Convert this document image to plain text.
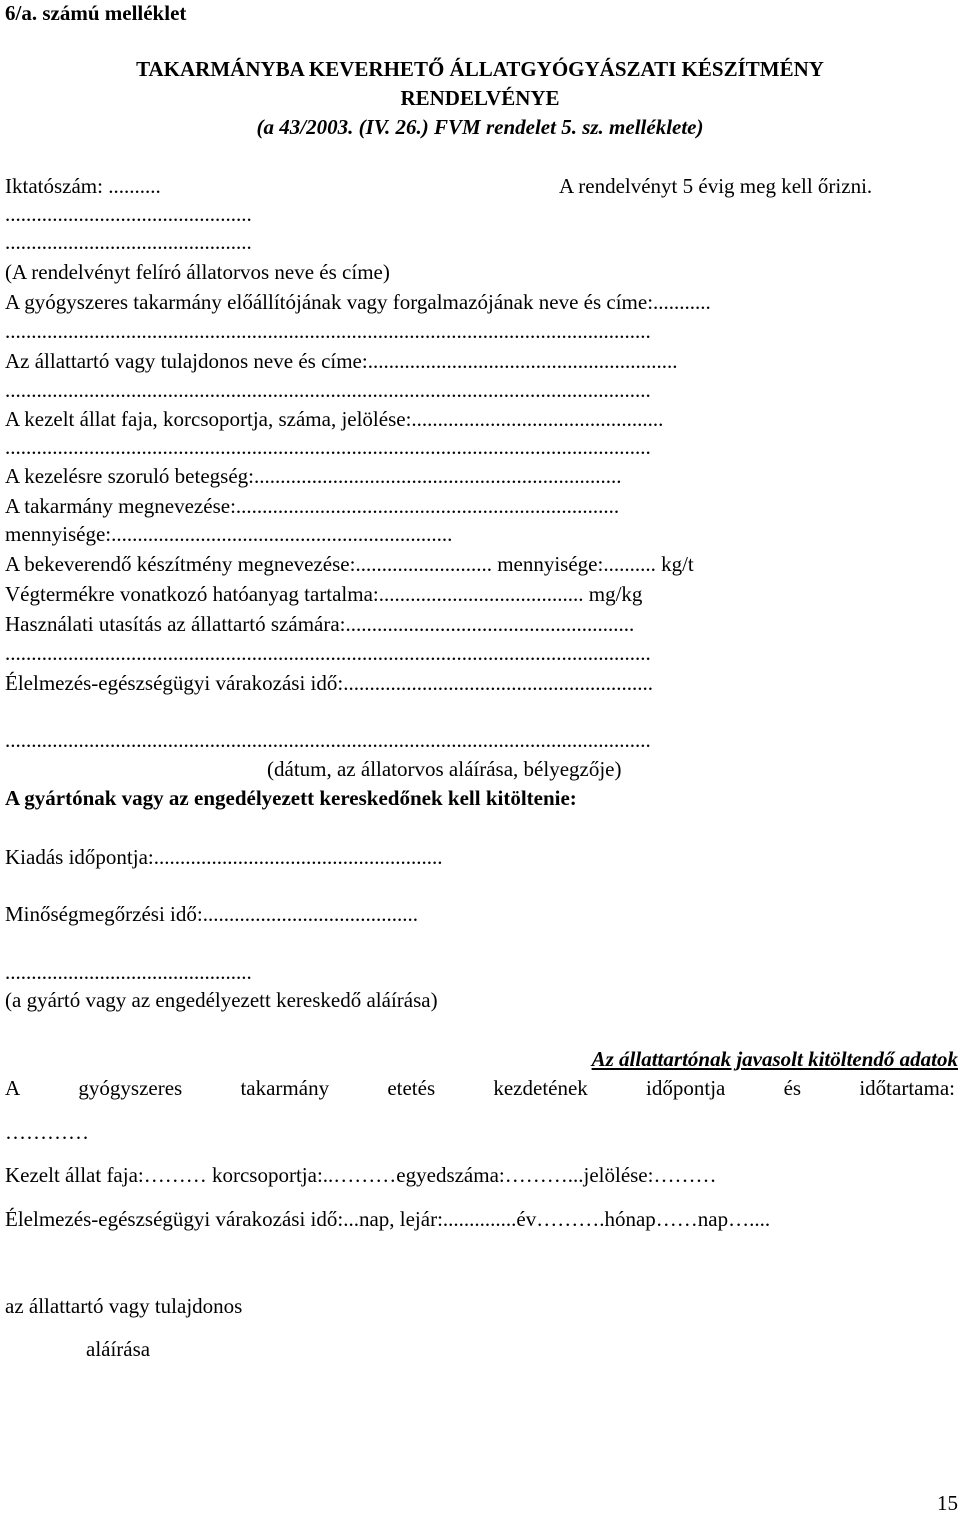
6/a. számú melléklet
TAKARMÁNYBA KEVERHETŐ ÁLLATGYÓGYÁSZATI KÉSZÍTMÉNY
RENDELVÉNYE
(a 43/2003. (IV. 26.) FVM rendelet 5. sz. melléklete)
Iktatószám: ..........	A rendelvényt 5 évig meg kell őrizni.
...............................................
...............................................
(A rendelvényt felíró állatorvos neve és címe)
A gyógyszeres takarmány előállítójának vagy forgalmazójának neve és címe:...........
...........................................................................................................................
Az állattartó vagy tulajdonos neve és címe:...........................................................
...........................................................................................................................
A kezelt állat faja, korcsoportja, száma, jelölése:................................................
...........................................................................................................................
A kezelésre szoruló betegség:......................................................................
A takarmány megnevezése:.........................................................................
mennyisége:.................................................................
A bekeverendő készítmény megnevezése:.......................... mennyisége:.......... kg/t
Végtermékre vonatkozó hatóanyag tartalma:....................................... mg/kg
Használati utasítás az állattartó számára:.......................................................
...........................................................................................................................
Élelmezés-egészségügyi várakozási idő:...........................................................
...........................................................................................................................
(dátum, az állatorvos aláírása, bélyegzője)
A gyártónak vagy az engedélyezett kereskedőnek kell kitöltenie:
Kiadás időpontja:.......................................................
Minőségmegőrzési idő:.........................................
...............................................
(a gyártó vagy az engedélyezett kereskedő aláírása)
Az állattartónak javasolt kitöltendő adatok
A	gyógyszeres	takarmány	etetés	kezdetének	időpontja	és	időtartama:
…………
Kezelt állat faja:……… korcsoportja:..………egyedszáma:………...jelölése:………
Élelmezés-egészségügyi várakozási idő:...nap, lejár:..............év……….hónap……nap…....
az állattartó vagy tulajdonos
aláírása
15
